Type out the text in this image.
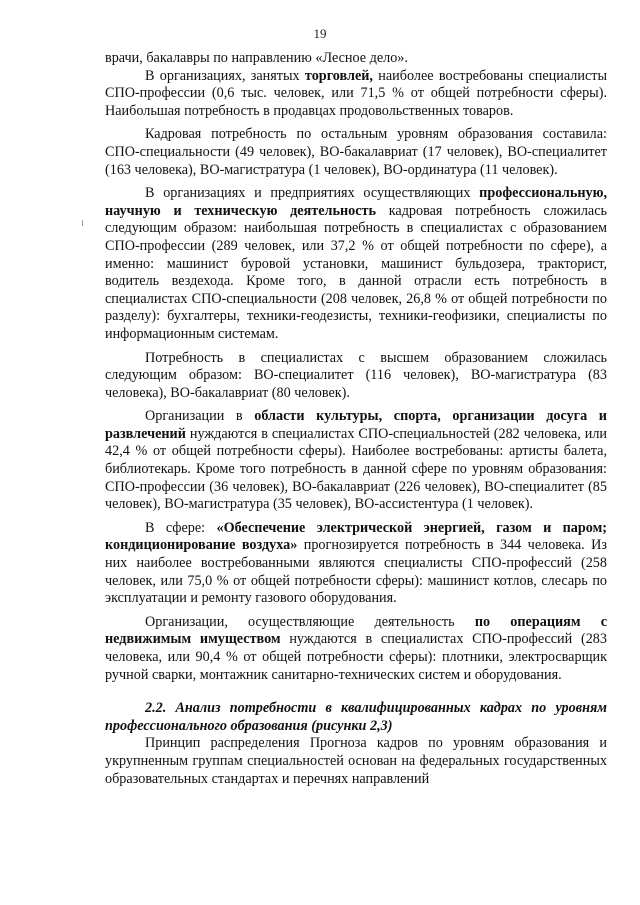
19

врачи, бакалавры по направлению «Лесное дело».

В организациях, занятых торговлей, наиболее востребованы специалисты СПО-профессии (0,6 тыс. человек, или 71,5 % от общей потребности сферы). Наибольшая потребность в продавцах продовольственных товаров.

Кадровая потребность по остальным уровням образования составила: СПО-специальности (49 человек), ВО-бакалавриат (17 человек), ВО-специалитет (163 человека), ВО-магистратура (1 человек), ВО-ординатура (11 человек).

В организациях и предприятиях осуществляющих профессиональную, научную и техническую деятельность кадровая потребность сложилась следующим образом: наибольшая потребность в специалистах с образованием СПО-профессии (289 человек, или 37,2 % от общей потребности по сфере), а именно: машинист буровой установки, машинист бульдозера, тракторист, водитель вездехода. Кроме того, в данной отрасли есть потребность в специалистах СПО-специальности (208 человек, 26,8 % от общей потребности по разделу): бухгалтеры, техники-геодезисты, техники-геофизики, специалисты по информационным системам.

Потребность в специалистах с высшем образованием сложилась следующим образом: ВО-специалитет (116 человек), ВО-магистратура (83 человека), ВО-бакалавриат (80 человек).

Организации в области культуры, спорта, организации досуга и развлечений нуждаются в специалистах СПО-специальностей (282 человека, или 42,4 % от общей потребности сферы). Наиболее востребованы: артисты балета, библиотекарь. Кроме того потребность в данной сфере по уровням образования: СПО-профессии (36 человек), ВО-бакалавриат (226 человек), ВО-специалитет (85 человек), ВО-магистратура (35 человек), ВО-ассистентура (1 человек).

В сфере: «Обеспечение электрической энергией, газом и паром; кондиционирование воздуха» прогнозируется потребность в 344 человека. Из них наиболее востребованными являются специалисты СПО-профессий (258 человек, или 75,0 % от общей потребности сферы): машинист котлов, слесарь по эксплуатации и ремонту газового оборудования.

Организации, осуществляющие деятельность по операциям с недвижимым имуществом нуждаются в специалистах СПО-профессий (283 человека, или 90,4 % от общей потребности сферы): плотники, электросварщик ручной сварки, монтажник санитарно-технических систем и оборудования.

2.2. Анализ потребности в квалифицированных кадрах по уровням профессионального образования (рисунки 2,3)

Принцип распределения Прогноза кадров по уровням образования и укрупненным группам специальностей основан на федеральных государственных образовательных стандартах и перечнях направлений
